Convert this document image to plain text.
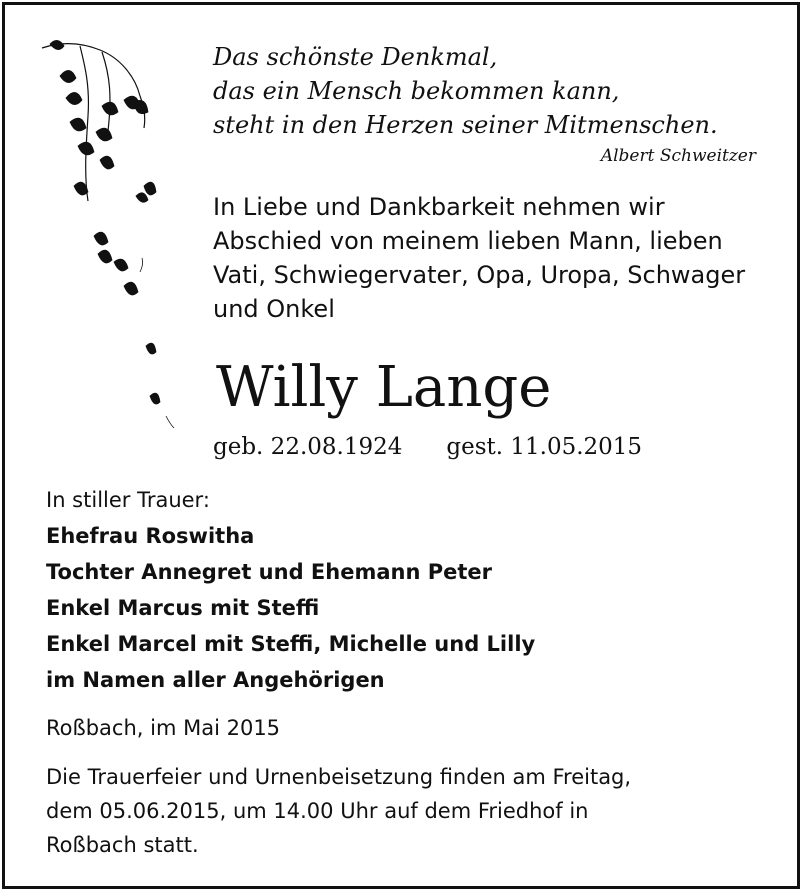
Das schönste Denkmal,
das ein Mensch bekommen kann,
steht in den Herzen seiner Mitmenschen.
Albert Schweitzer
In Liebe und Dankbarkeit nehmen wir
Abschied von meinem lieben Mann, lieben
Vati, Schwiegervater, Opa, Uropa, Schwager
und Onkel
Willy Lange
geb. 22.08.1924 gest. 11.05.2015
In stiller Trauer:
Ehefrau Roswitha
Tochter Annegret und Ehemann Peter
Enkel Marcus mit Steffi
Enkel Marcel mit Steffi, Michelle und Lilly
im Namen aller Angehörigen
Roßbach, im Mai 2015
Die Trauerfeier und Urnenbeisetzung finden am Freitag,
dem 05.06.2015, um 14.00 Uhr auf dem Friedhof in
Roßbach statt.
